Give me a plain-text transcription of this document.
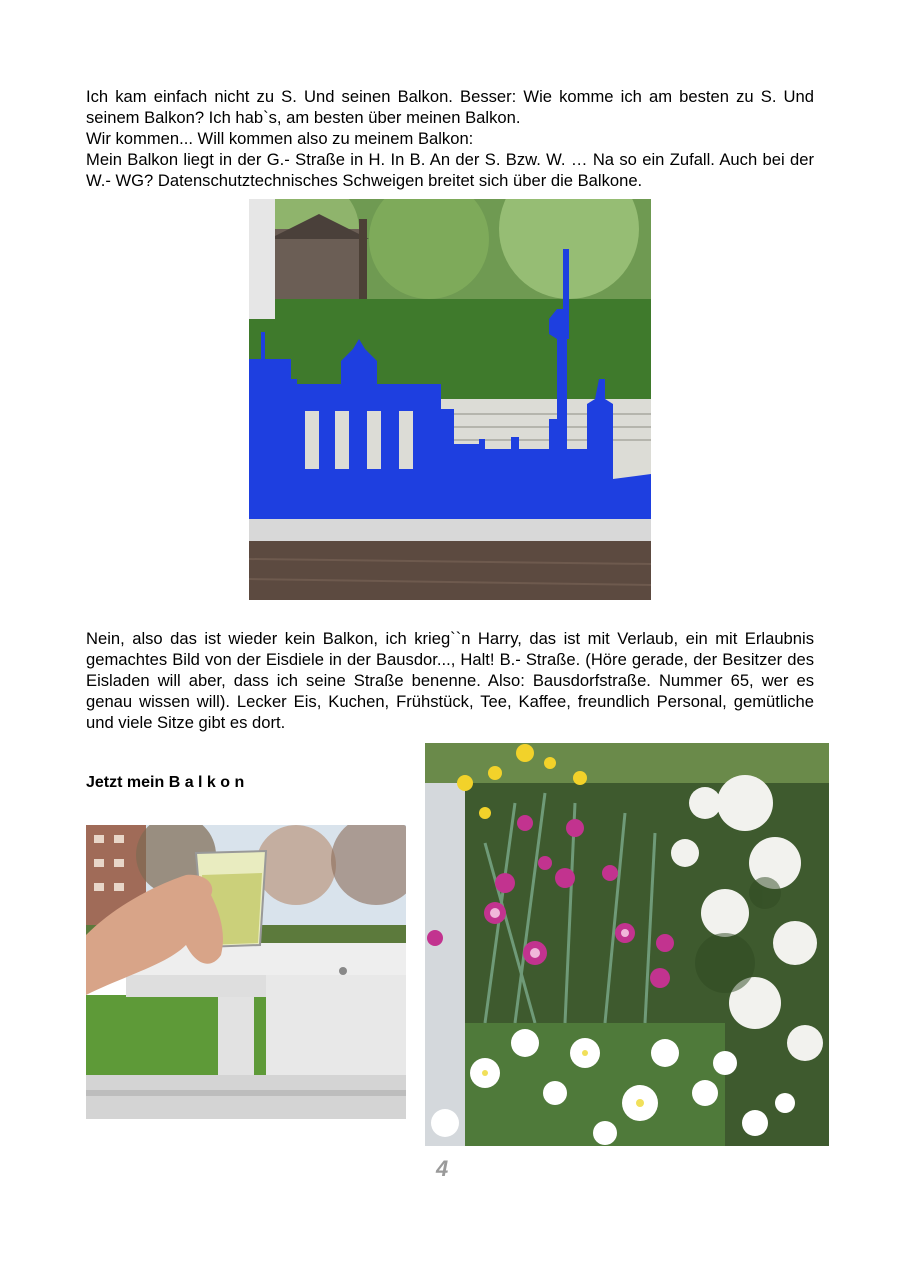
Ich kam einfach nicht zu S. Und seinen Balkon. Besser: Wie komme ich am besten zu S. Und seinem Balkon? Ich hab`s, am besten über meinen Balkon.

Wir kommen... Will kommen also zu meinem Balkon:

Mein Balkon liegt in der G.- Straße in H. In B. An der S. Bzw. W. … Na so ein Zufall. Auch bei der W.- WG? Datenschutztechnisches Schweigen breitet sich über die Balkone.

Nein, also das ist wieder kein Balkon, ich krieg``n Harry, das ist mit Verlaub, ein mit Erlaubnis gemachtes Bild von der Eisdiele in der Bausdor..., Halt! B.- Straße. (Höre gerade, der Besitzer des Eisladen will aber, dass ich seine Straße benenne. Also: Bausdorfstraße. Nummer 65, wer es genau wissen will). Lecker Eis, Kuchen, Frühstück, Tee, Kaffee, freundlich Personal, gemütliche und viele Sitze gibt es dort.

Jetzt mein B a l k o n
4
